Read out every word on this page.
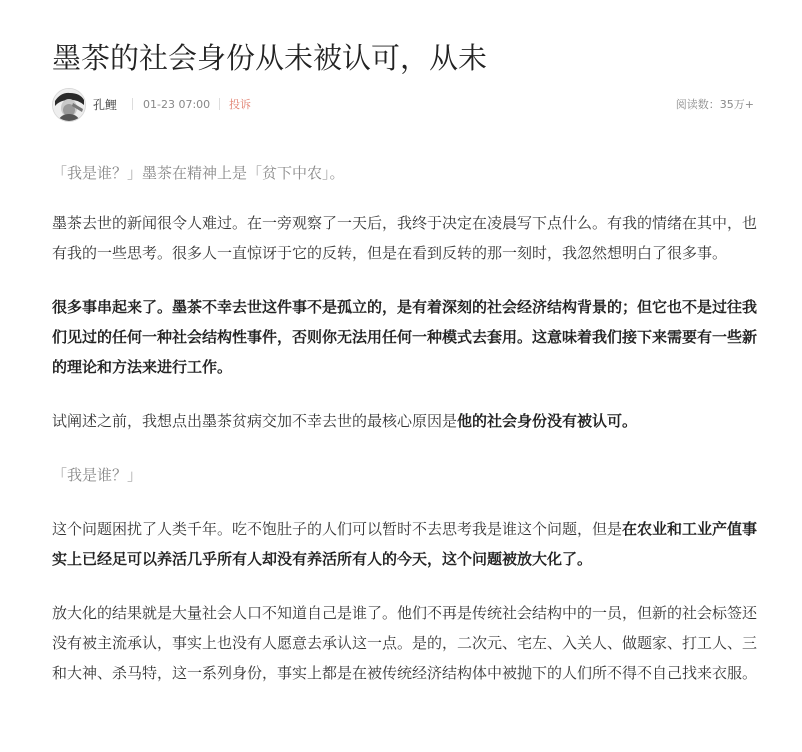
墨茶的社会身份从未被认可，从未
孔鲤 01-23 07:00 投诉	阅读数：35万+

「我是谁？」墨茶在精神上是「贫下中农」。

墨茶去世的新闻很令人难过。在一旁观察了一天后，我终于决定在凌晨写下点什么。有我的情绪在其中，也有我的一些思考。很多人一直惊讶于它的反转，但是在看到反转的那一刻时，我忽然想明白了很多事。

很多事串起来了。墨茶不幸去世这件事不是孤立的，是有着深刻的社会经济结构背景的；但它也不是过往我们见过的任何一种社会结构性事件，否则你无法用任何一种模式去套用。这意味着我们接下来需要有一些新的理论和方法来进行工作。

试阐述之前，我想点出墨茶贫病交加不幸去世的最核心原因是他的社会身份没有被认可。

「我是谁？」

这个问题困扰了人类千年。吃不饱肚子的人们可以暂时不去思考我是谁这个问题，但是在农业和工业产值事实上已经足可以养活几乎所有人却没有养活所有人的今天，这个问题被放大化了。

放大化的结果就是大量社会人口不知道自己是谁了。他们不再是传统社会结构中的一员，但新的社会标签还没有被主流承认，事实上也没有人愿意去承认这一点。是的，二次元、宅左、入关人、做题家、打工人、三和大神、杀马特，这一系列身份，事实上都是在被传统经济结构体中被抛下的人们所不得不自己找来衣服。
